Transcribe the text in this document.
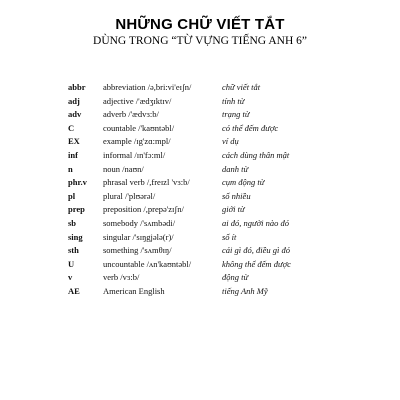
NHỮNG CHỮ VIẾT TẮT
DÙNG TRONG “TỪ VỰNG TIẾNG ANH 6”
abbr abbreviation /ə,bri:vi'eɪʃn/	chữ viết tắt
adj	adjective /'ædʒɪktɪv/	tính từ
adv	adverb /'ædvɜ:b/	trạng từ
C	countable /'kaʊntəbl/	có thể đếm được
EX	example /ɪg'zɑ:mpl/	ví dụ
inf	informal /ɪn'fɔ:ml/	cách dùng thân mật
n	noun /naʊn/	danh từ
phr.v phrasal verb /,freɪzl 'vɜ:b/	cụm động từ
pl	plural /'plʊərəl/	số nhiều
prep preposition /,prepə'zɪʃn/	giới từ
sb	somebody /'sʌmbədi/	ai đó, người nào đó
sing singular /'sɪŋgjələ(r)/	số ít
sth	something /'sʌmθɪŋ/	cái gì đó, điều gì đó
U	uncountable /ʌn'kaʊntəbl/	không thể đếm được
v	verb /vɜ:b/	động từ
AE	American English	tiếng Anh Mỹ
